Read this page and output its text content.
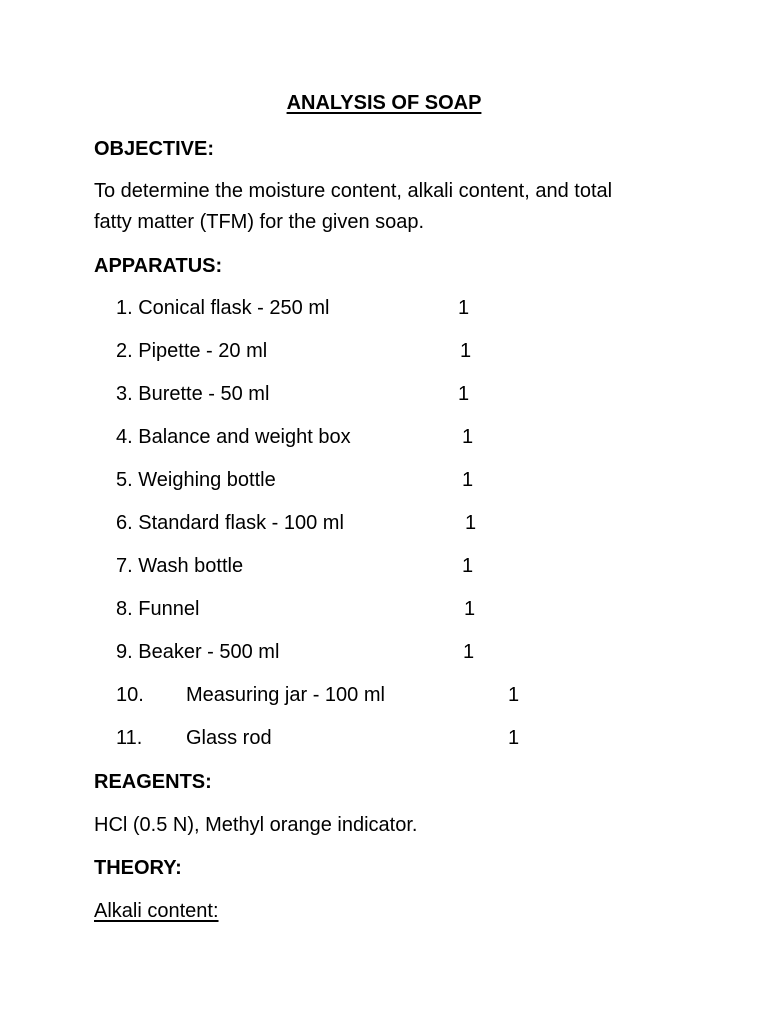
ANALYSIS OF SOAP
OBJECTIVE:
To determine the moisture content, alkali content, and total
fatty matter (TFM) for the given soap.
APPARATUS:
1. Conical flask - 250 ml	1
2. Pipette - 20 ml	1
3. Burette - 50 ml	1
4. Balance and weight box	1
5. Weighing bottle	1
6. Standard flask - 100 ml	1
7. Wash bottle	1
8. Funnel	1
9. Beaker - 500 ml	1
10. Measuring jar - 100 ml	1
11. Glass rod	1
REAGENTS:
HCl (0.5 N), Methyl orange indicator.
THEORY:
Alkali content:
